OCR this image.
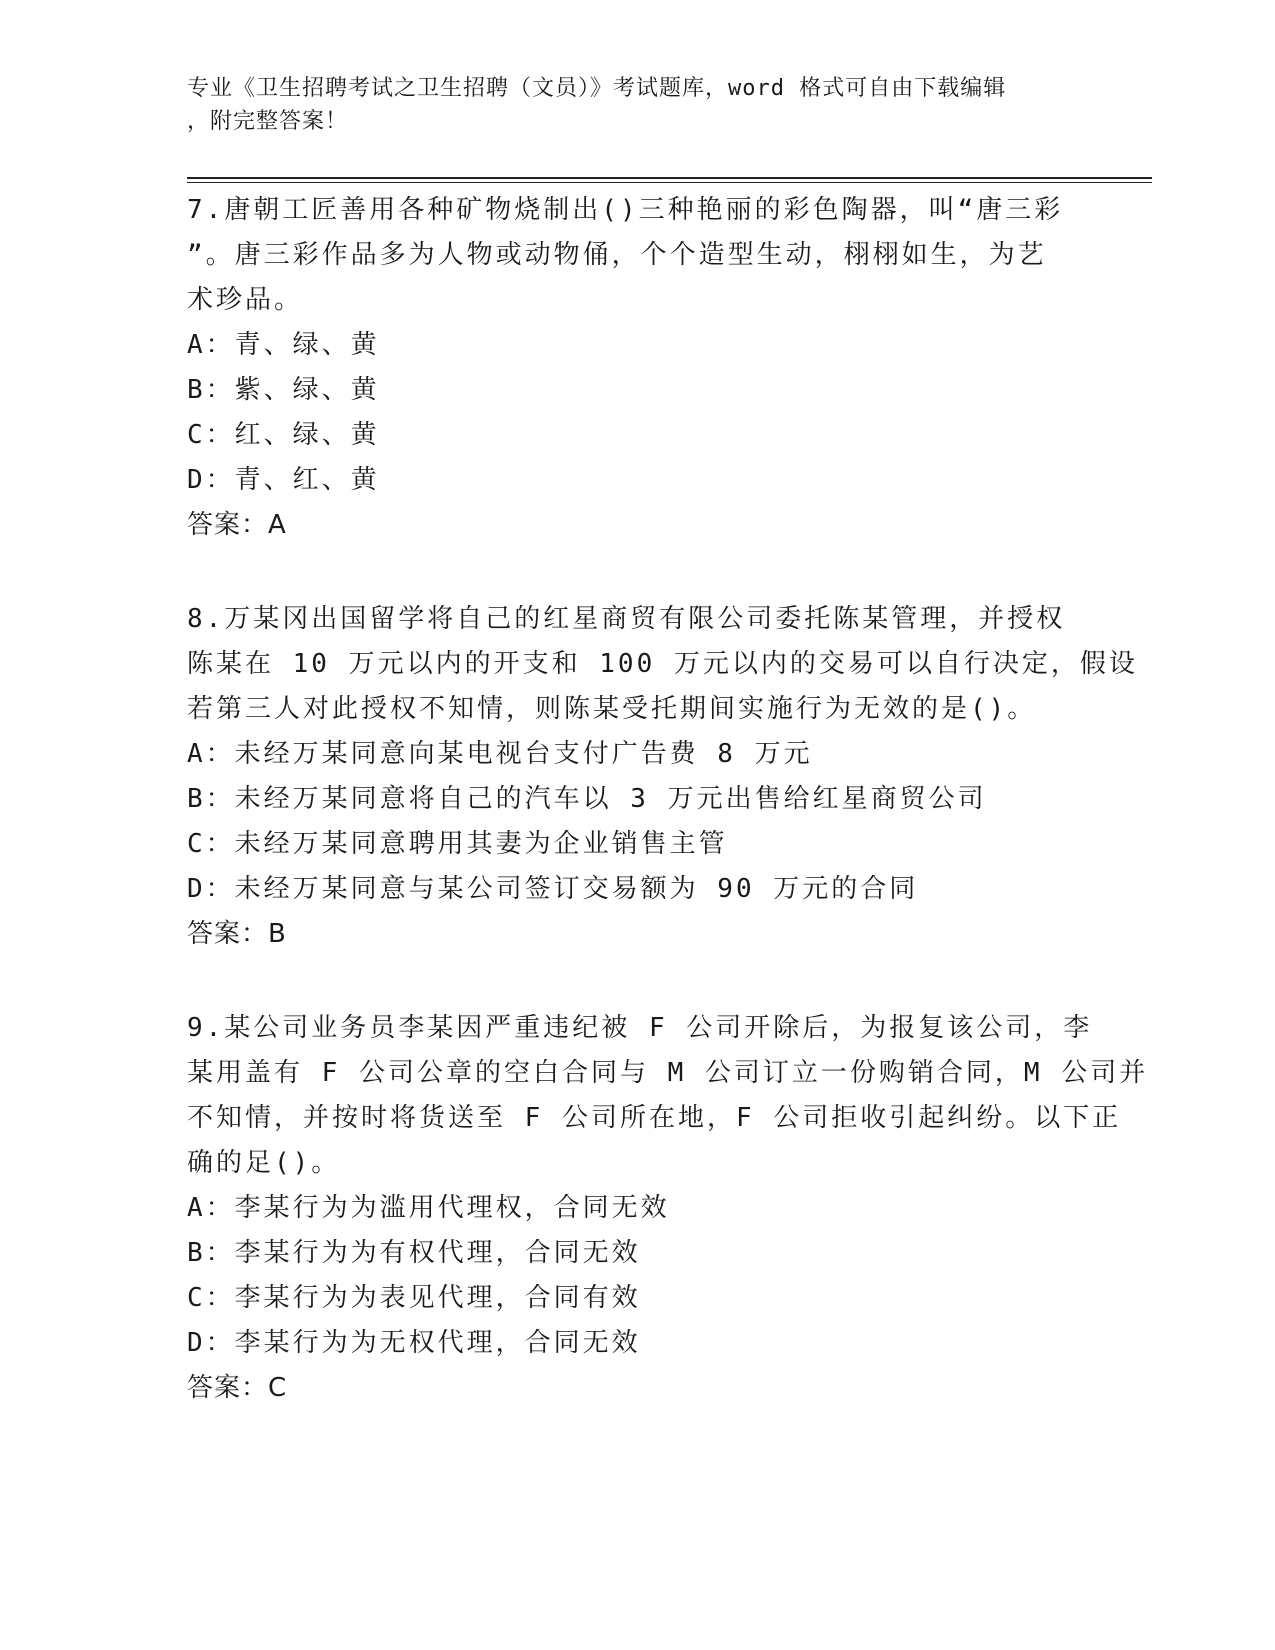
专业《卫生招聘考试之卫生招聘（文员）》考试题库，word 格式可自由下载编辑
，附完整答案！
7.唐朝工匠善用各种矿物烧制出()三种艳丽的彩色陶器，叫“唐三彩
”。唐三彩作品多为人物或动物俑，个个造型生动，栩栩如生，为艺
术珍品。
A：青、绿、黄
B：紫、绿、黄
C：红、绿、黄
D：青、红、黄
答案：A
8.万某冈出国留学将自己的红星商贸有限公司委托陈某管理，并授权
陈某在 10 万元以内的开支和 100 万元以内的交易可以自行决定，假设
若第三人对此授权不知情，则陈某受托期间实施行为无效的是()。
A：未经万某同意向某电视台支付广告费 8 万元
B：未经万某同意将自己的汽车以 3 万元出售给红星商贸公司
C：未经万某同意聘用其妻为企业销售主管
D：未经万某同意与某公司签订交易额为 90 万元的合同
答案：B
9.某公司业务员李某因严重违纪被 F 公司开除后，为报复该公司，李
某用盖有 F 公司公章的空白合同与 M 公司订立一份购销合同，M 公司并
不知情，并按时将货送至 F 公司所在地，F 公司拒收引起纠纷。以下正
确的足()。
A：李某行为为滥用代理权，合同无效
B：李某行为为有权代理，合同无效
C：李某行为为表见代理，合同有效
D：李某行为为无权代理，合同无效
答案：C
